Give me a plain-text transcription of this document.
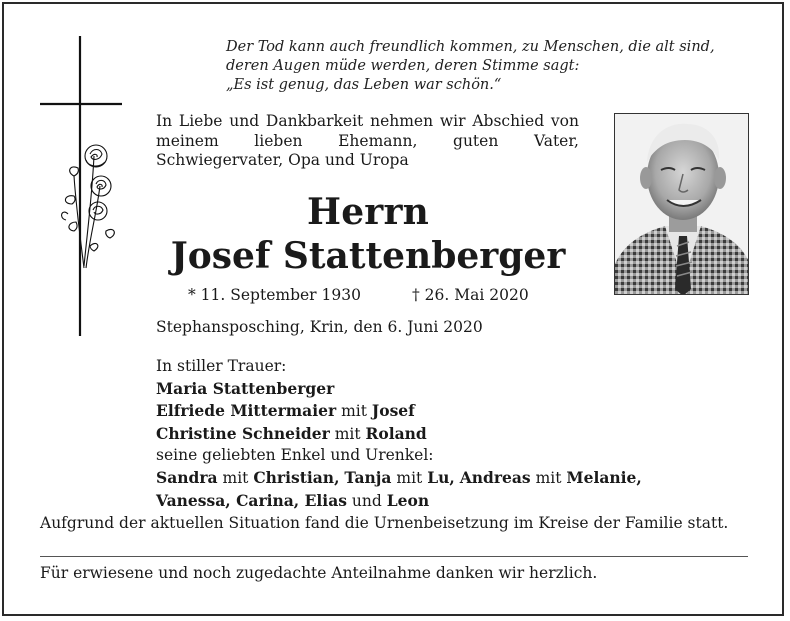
Der Tod kann auch freundlich kommen, zu Menschen, die alt sind,
deren Augen müde werden, deren Stimme sagt:
„Es ist genug, das Leben war schön.“
In Liebe und Dankbarkeit nehmen wir Abschied von meinem lieben Ehemann, guten Vater, Schwiegervater, Opa und Uropa
Herrn
Josef Stattenberger
* 11. September 1930	† 26. Mai 2020
Stephansposching, Krin, den 6. Juni 2020
In stiller Trauer:
Maria Stattenberger
Elfriede Mittermaier mit Josef
Christine Schneider mit Roland
seine geliebten Enkel und Urenkel:
Sandra mit Christian, Tanja mit Lu, Andreas mit Melanie,
Vanessa, Carina, Elias und Leon
Aufgrund der aktuellen Situation fand die Urnenbeisetzung im Kreise der Familie statt.
Für erwiesene und noch zugedachte Anteilnahme danken wir herzlich.
